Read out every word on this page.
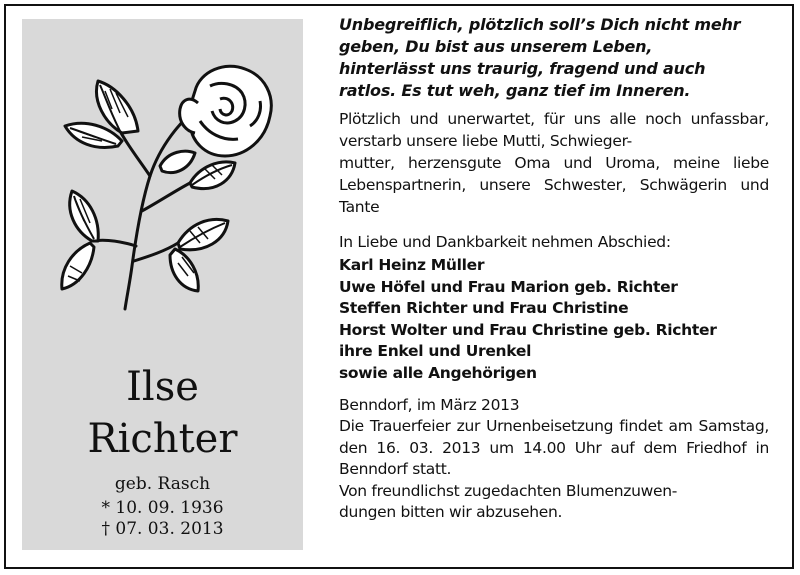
Ilse
Richter
geb. Rasch
* 10. 09. 1936
† 07. 03. 2013

Unbegreiflich, plötzlich soll’s Dich nicht mehr
geben, Du bist aus unserem Leben,
hinterlässt uns traurig, fragend und auch
ratlos. Es tut weh, ganz tief im Inneren.

Plötzlich und unerwartet, für uns alle noch unfassbar, verstarb unsere liebe Mutti, Schwieger-
mutter, herzensgute Oma und Uroma, meine liebe Lebenspartnerin, unsere Schwester, Schwägerin und Tante

In Liebe und Dankbarkeit nehmen Abschied:

Karl Heinz Müller
Uwe Höfel und Frau Marion geb. Richter
Steffen Richter und Frau Christine
Horst Wolter und Frau Christine geb. Richter
ihre Enkel und Urenkel
sowie alle Angehörigen

Benndorf, im März 2013

Die Trauerfeier zur Urnenbeisetzung findet am Samstag, den 16. 03. 2013 um 14.00 Uhr auf dem Friedhof in Benndorf statt.

Von freundlichst zugedachten Blumenzuwen-
dungen bitten wir abzusehen.
